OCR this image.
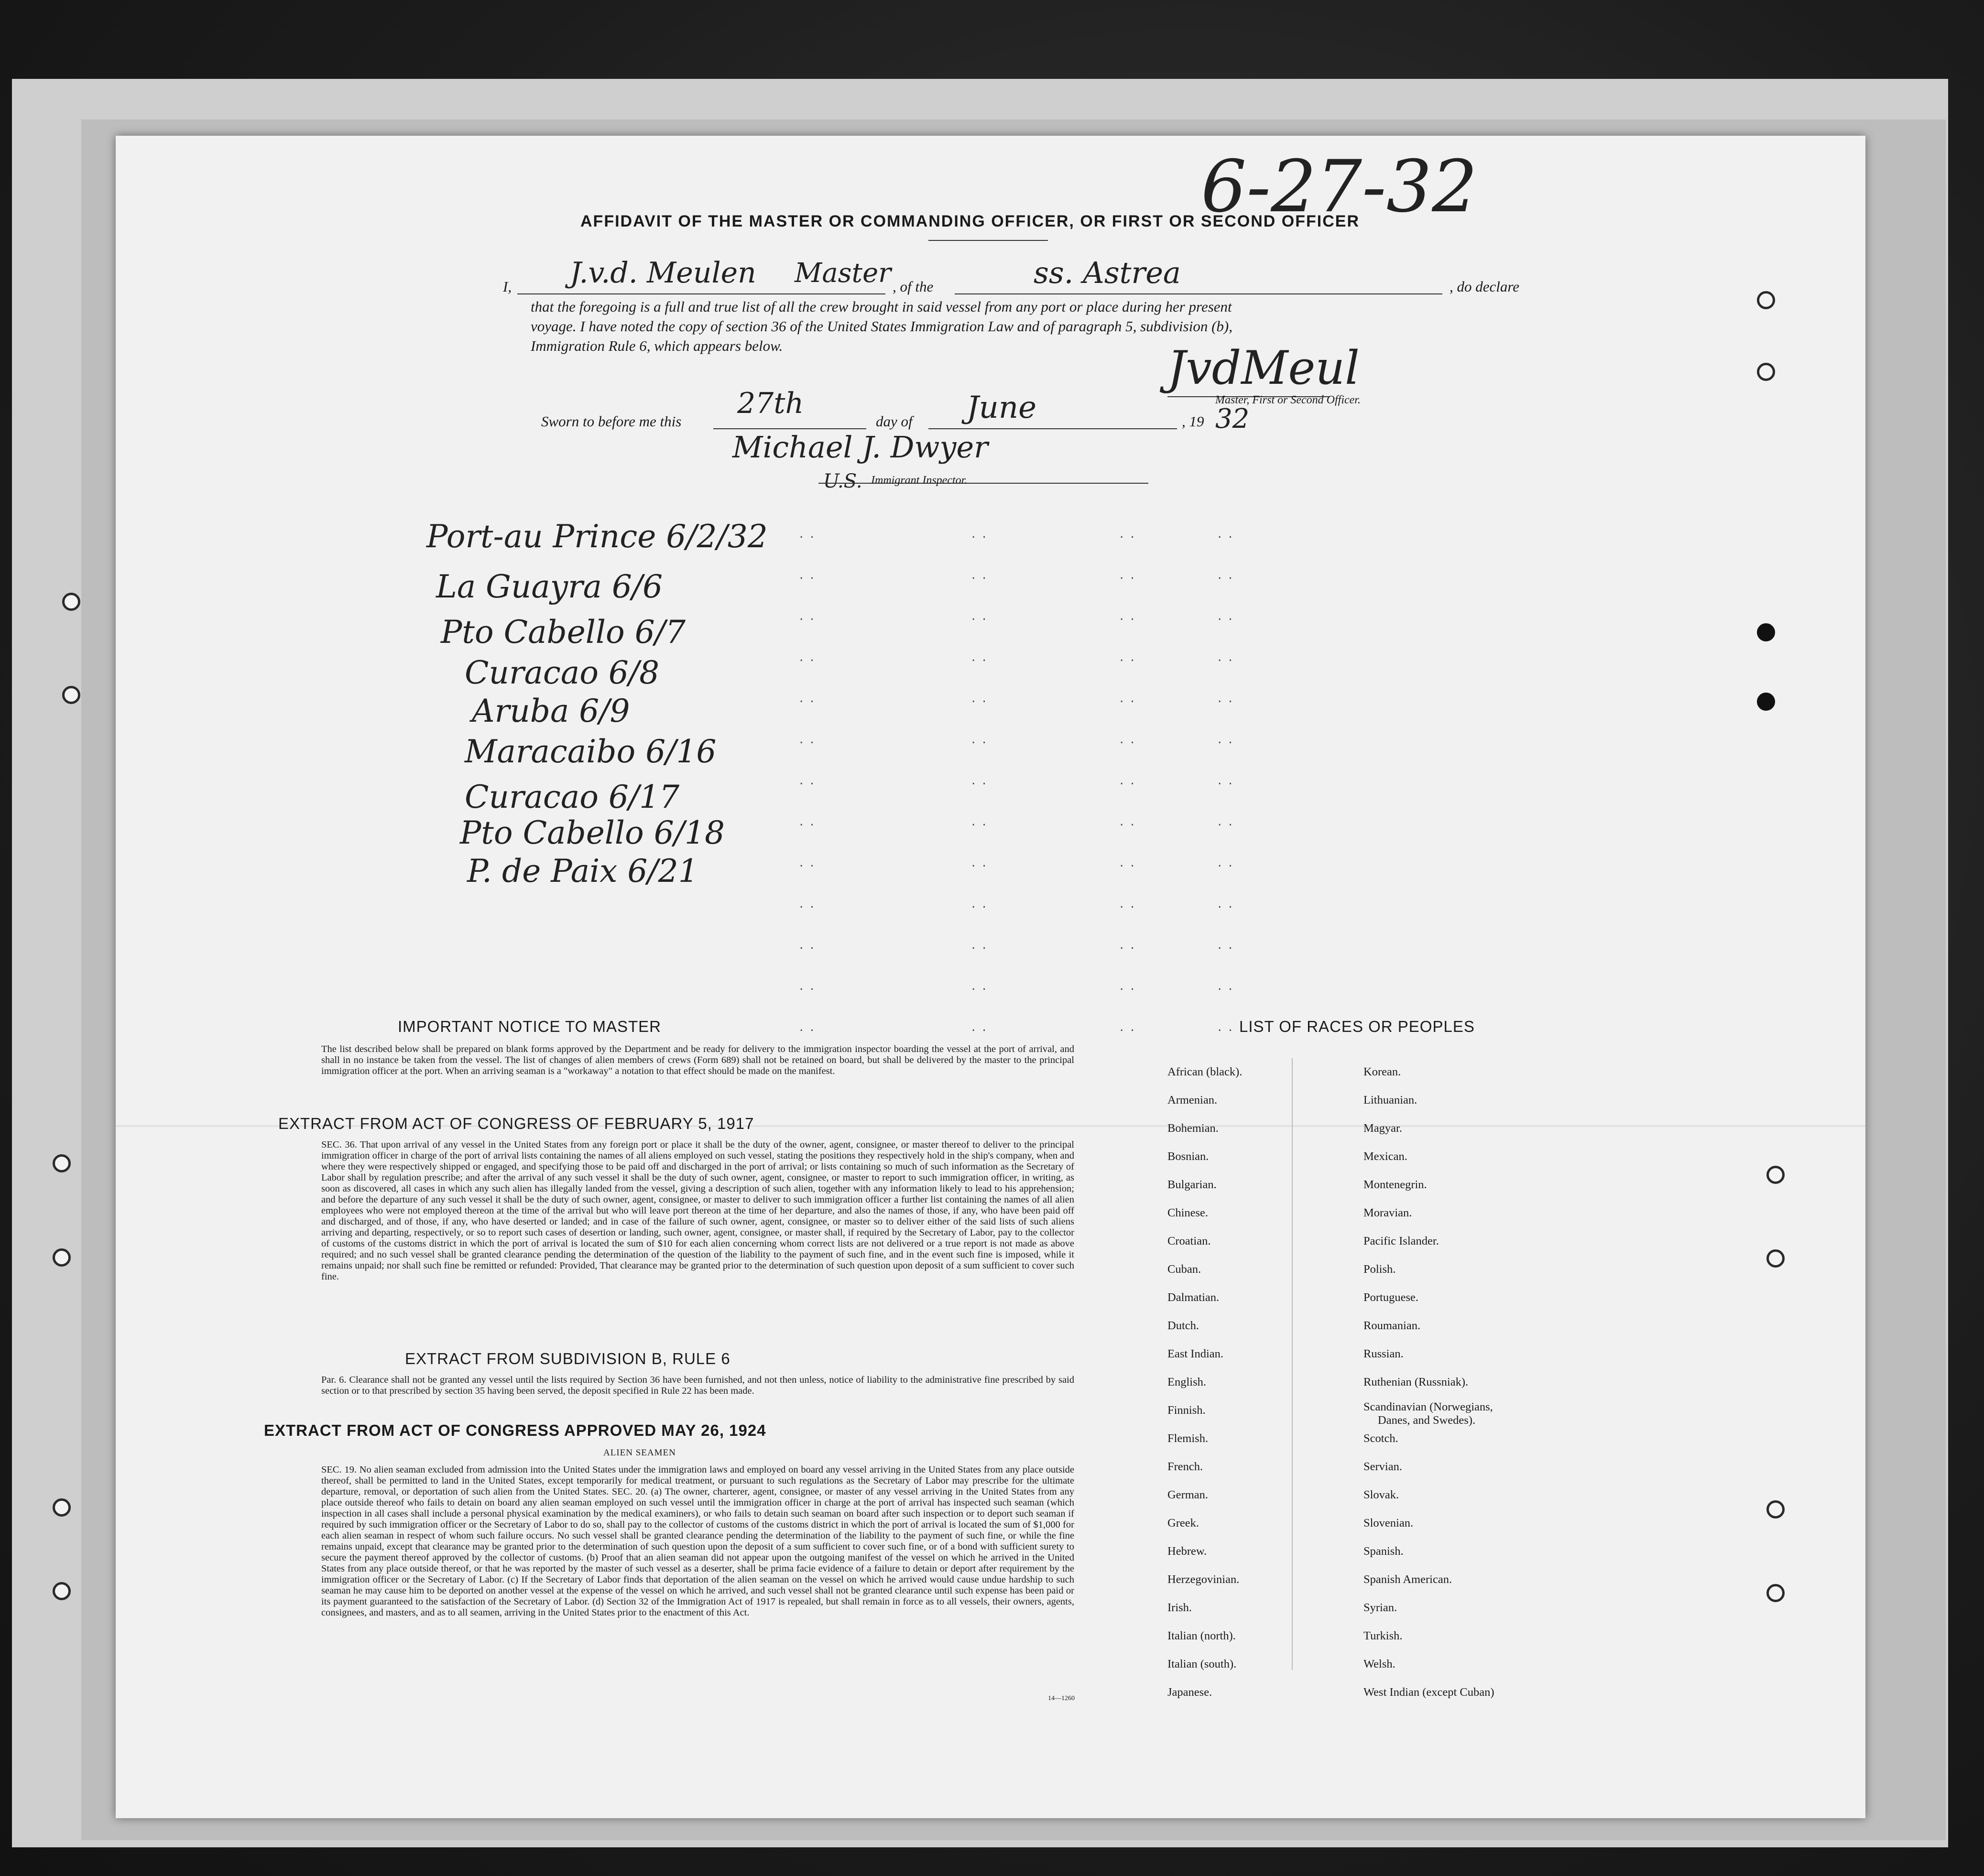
6-27-32
AFFIDAVIT OF THE MASTER OR COMMANDING OFFICER, OR FIRST OR SECOND OFFICER
I, J.v.d. Meulen Master , of the	ss. Astrea	, do declare
that the foregoing is a full and true list of all the crew brought in said vessel from any port or place during her present
voyage. I have noted the copy of section 36 of the United States Immigration Law and of paragraph 5, subdivision (b),
Immigration Rule 6, which appears below.	JvdMeul
Master, First or Second Officer.
Sworn to before me this
27th
day of June	, 19 32
Michael J. Dwyer
U.S. Immigrant Inspector.
Port-au Prince 6/2/32
La Guayra 6/6
Pto Cabello 6/7
Curacao 6/8
Aruba 6/9
Maracaibo 6/16
Curacao 6/17
Pto Cabello 6/18
P. de Paix 6/21
. .
. .
. .
. .
. .
. .
. .
. .
. .
. .
. .
. .
. .
. .
. .
. .
. .
. .
. .
. .
. .
. .
. .
. .
. .
. .
. .
. .
. .
. .
. .
. .
. .
. .
. .
. .
. .
. .
. .
. .
. .
. .
. .
. .
. .
. .
. .
. .
. .
. .
. .
. .
IMPORTANT NOTICE TO MASTER
The list described below shall be prepared on blank forms approved by the Department and be ready for delivery to the immigration inspector boarding the vessel at the port of arrival, and shall in no instance be taken from the vessel. The list of changes of alien members of crews (Form 689) shall not be retained on board, but shall be delivered by the master to the principal immigration officer at the port. When an arriving seaman is a "workaway" a notation to that effect should be made on the manifest.
EXTRACT FROM ACT OF CONGRESS OF FEBRUARY 5, 1917
SEC. 36. That upon arrival of any vessel in the United States from any foreign port or place it shall be the duty of the owner, agent, consignee, or master thereof to deliver to the principal immigration officer in charge of the port of arrival lists containing the names of all aliens employed on such vessel, stating the positions they respectively hold in the ship's company, when and where they were respectively shipped or engaged, and specifying those to be paid off and discharged in the port of arrival; or lists containing so much of such information as the Secretary of Labor shall by regulation prescribe; and after the arrival of any such vessel it shall be the duty of such owner, agent, consignee, or master to report to such immigration officer, in writing, as soon as discovered, all cases in which any such alien has illegally landed from the vessel, giving a description of such alien, together with any information likely to lead to his apprehension; and before the departure of any such vessel it shall be the duty of such owner, agent, consignee, or master to deliver to such immigration officer a further list containing the names of all alien employees who were not employed thereon at the time of the arrival but who will leave port thereon at the time of her departure, and also the names of those, if any, who have been paid off and discharged, and of those, if any, who have deserted or landed; and in case of the failure of such owner, agent, consignee, or master so to deliver either of the said lists of such aliens arriving and departing, respectively, or so to report such cases of desertion or landing, such owner, agent, consignee, or master shall, if required by the Secretary of Labor, pay to the collector of customs of the customs district in which the port of arrival is located the sum of $10 for each alien concerning whom correct lists are not delivered or a true report is not made as above required; and no such vessel shall be granted clearance pending the determination of the question of the liability to the payment of such fine, and in the event such fine is imposed, while it remains unpaid; nor shall such fine be remitted or refunded: Provided, That clearance may be granted prior to the determination of such question upon deposit of a sum sufficient to cover such fine.
EXTRACT FROM SUBDIVISION B, RULE 6
Par. 6. Clearance shall not be granted any vessel until the lists required by Section 36 have been furnished, and not then unless, notice of liability to the administrative fine prescribed by said section or to that prescribed by section 35 having been served, the deposit specified in Rule 22 has been made.
EXTRACT FROM ACT OF CONGRESS APPROVED MAY 26, 1924
ALIEN SEAMEN
SEC. 19. No alien seaman excluded from admission into the United States under the immigration laws and employed on board any vessel arriving in the United States from any place outside thereof, shall be permitted to land in the United States, except temporarily for medical treatment, or pursuant to such regulations as the Secretary of Labor may prescribe for the ultimate departure, removal, or deportation of such alien from the United States. SEC. 20. (a) The owner, charterer, agent, consignee, or master of any vessel arriving in the United States from any place outside thereof who fails to detain on board any alien seaman employed on such vessel until the immigration officer in charge at the port of arrival has inspected such seaman (which inspection in all cases shall include a personal physical examination by the medical examiners), or who fails to detain such seaman on board after such inspection or to deport such seaman if required by such immigration officer or the Secretary of Labor to do so, shall pay to the collector of customs of the customs district in which the port of arrival is located the sum of $1,000 for each alien seaman in respect of whom such failure occurs. No such vessel shall be granted clearance pending the determination of the liability to the payment of such fine, or while the fine remains unpaid, except that clearance may be granted prior to the determination of such question upon the deposit of a sum sufficient to cover such fine, or of a bond with sufficient surety to secure the payment thereof approved by the collector of customs. (b) Proof that an alien seaman did not appear upon the outgoing manifest of the vessel on which he arrived in the United States from any place outside thereof, or that he was reported by the master of such vessel as a deserter, shall be prima facie evidence of a failure to detain or deport after requirement by the immigration officer or the Secretary of Labor. (c) If the Secretary of Labor finds that deportation of the alien seaman on the vessel on which he arrived would cause undue hardship to such seaman he may cause him to be deported on another vessel at the expense of the vessel on which he arrived, and such vessel shall not be granted clearance until such expense has been paid or its payment guaranteed to the satisfaction of the Secretary of Labor. (d) Section 32 of the Immigration Act of 1917 is repealed, but shall remain in force as to all vessels, their owners, agents, consignees, and masters, and as to all seamen, arriving in the United States prior to the enactment of this Act.
14—1260
LIST OF RACES OR PEOPLES
African (black).
Armenian.
Bohemian.
Bosnian.
Bulgarian.
Chinese.
Croatian.
Cuban.
Dalmatian.
Dutch.
East Indian.
English.
Finnish.
Flemish.
French.
German.
Greek.
Hebrew.
Herzegovinian.
Irish.
Italian (north).
Italian (south).
Japanese.
Korean.
Lithuanian.
Magyar.
Mexican.
Montenegrin.
Moravian.
Pacific Islander.
Polish.
Portuguese.
Roumanian.
Russian.
Ruthenian (Russniak).
Scandinavian (Norwegians,
Danes, and Swedes).
Scotch.
Servian.
Slovak.
Slovenian.
Spanish.
Spanish American.
Syrian.
Turkish.
Welsh.
West Indian (except Cuban)
